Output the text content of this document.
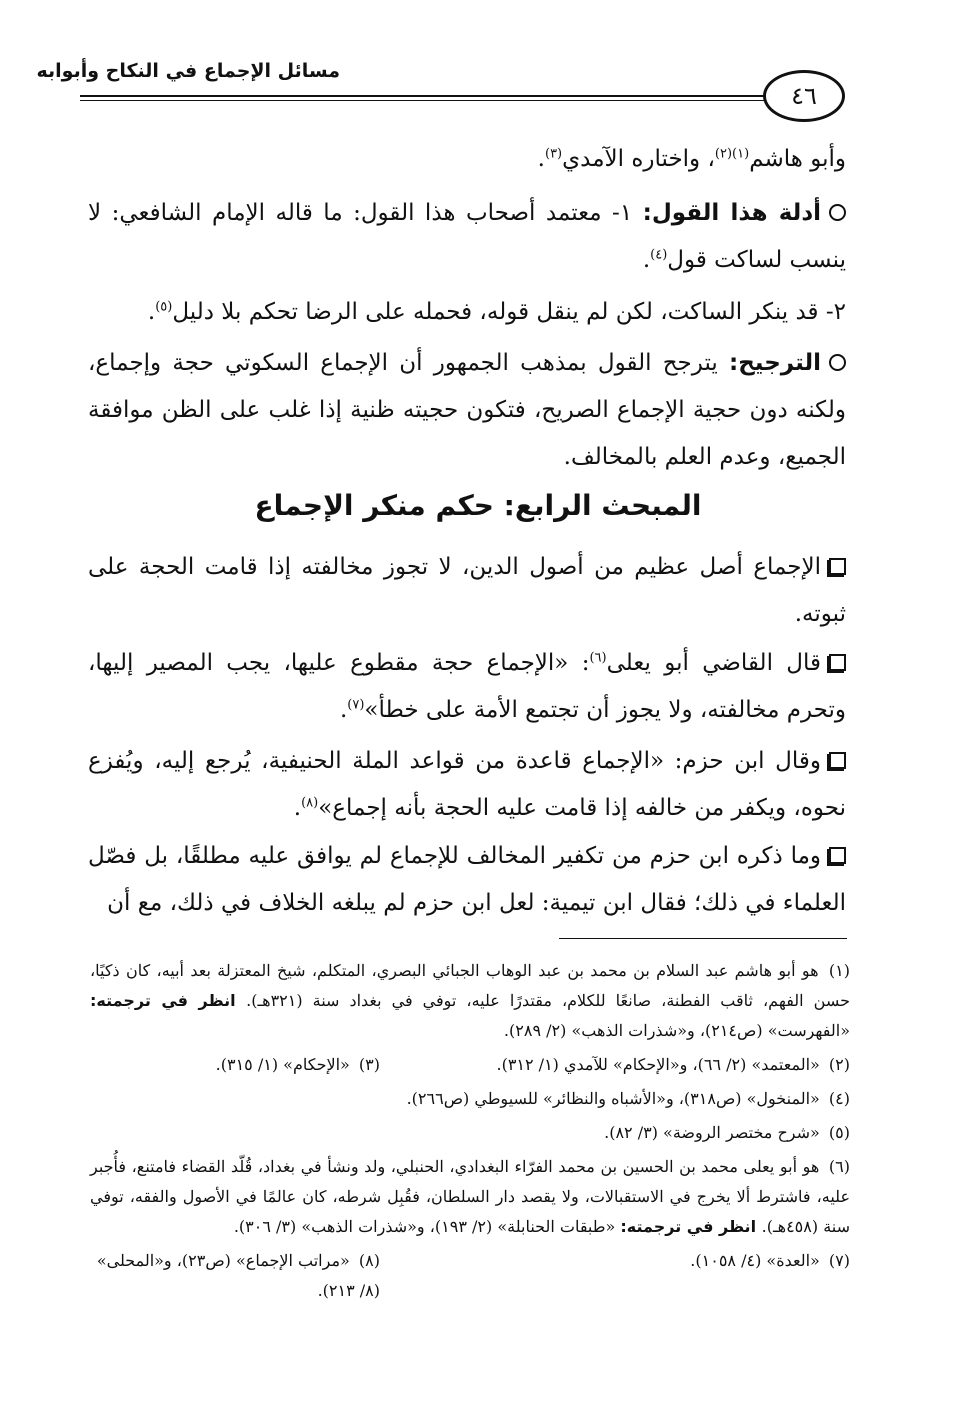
مسائل الإجماع في النكاح وأبوابه
٤٦
وأبو هاشم$^{(١)(٢)}$، واختاره الآمدي$^{(٣)}$.
أدلة هذا القول: ١- معتمد أصحاب هذا القول: ما قاله الإمام الشافعي: لا ينسب لساكت قول$^{(٤)}$.
٢- قد ينكر الساكت، لكن لم ينقل قوله، فحمله على الرضا تحكم بلا دليل$^{(٥)}$.
الترجيح: يترجح القول بمذهب الجمهور أن الإجماع السكوتي حجة وإجماع، ولكنه دون حجية الإجماع الصريح، فتكون حجيته ظنية إذا غلب على الظن موافقة الجميع، وعدم العلم بالمخالف.
المبحث الرابع: حكم منكر الإجماع
الإجماع أصل عظيم من أصول الدين، لا تجوز مخالفته إذا قامت الحجة على ثبوته.
قال القاضي أبو يعلى$^{(٦)}$: «الإجماع حجة مقطوع عليها، يجب المصير إليها، وتحرم مخالفته، ولا يجوز أن تجتمع الأمة على خطأ»$^{(٧)}$.
وقال ابن حزم: «الإجماع قاعدة من قواعد الملة الحنيفية، يُرجع إليه، ويُفزع نحوه، ويكفر من خالفه إذا قامت عليه الحجة بأنه إجماع»$^{(٨)}$.
وما ذكره ابن حزم من تكفير المخالف للإجماع لم يوافق عليه مطلقًا، بل فصّل العلماء في ذلك؛ فقال ابن تيمية: لعل ابن حزم لم يبلغه الخلاف في ذلك، مع أن
(١) هو أبو هاشم عبد السلام بن محمد بن عبد الوهاب الجبائي البصري، المتكلم، شيخ المعتزلة بعد أبيه، كان ذكيًا، حسن الفهم، ثاقب الفطنة، صانعًا للكلام، مقتدرًا عليه، توفي في بغداد سنة (٣٢١هـ). انظر في ترجمته: «الفهرست» (ص٢١٤)، و«شذرات الذهب» (٢/ ٢٨٩).
(٢) «المعتمد» (٢/ ٦٦)، و«الإحكام» للآمدي (١/ ٣١٢).
(٣) «الإحكام» (١/ ٣١٥).
(٤) «المنخول» (ص٣١٨)، و«الأشباه والنظائر» للسيوطي (ص٢٦٦).
(٥) «شرح مختصر الروضة» (٣/ ٨٢).
(٦) هو أبو يعلى محمد بن الحسين بن محمد الفرّاء البغدادي، الحنبلي، ولد ونشأ في بغداد، قُلّد القضاء فامتنع، فأُجبر عليه، فاشترط ألا يخرج في الاستقبالات، ولا يقصد دار السلطان، فقُبِل شرطه، كان عالمًا في الأصول والفقه، توفي سنة (٤٥٨هـ). انظر في ترجمته: «طبقات الحنابلة» (٢/ ١٩٣)، و«شذرات الذهب» (٣/ ٣٠٦).
(٧) «العدة» (٤/ ١٠٥٨).
(٨) «مراتب الإجماع» (ص٢٣)، و«المحلى» (٨/ ٢١٣).
